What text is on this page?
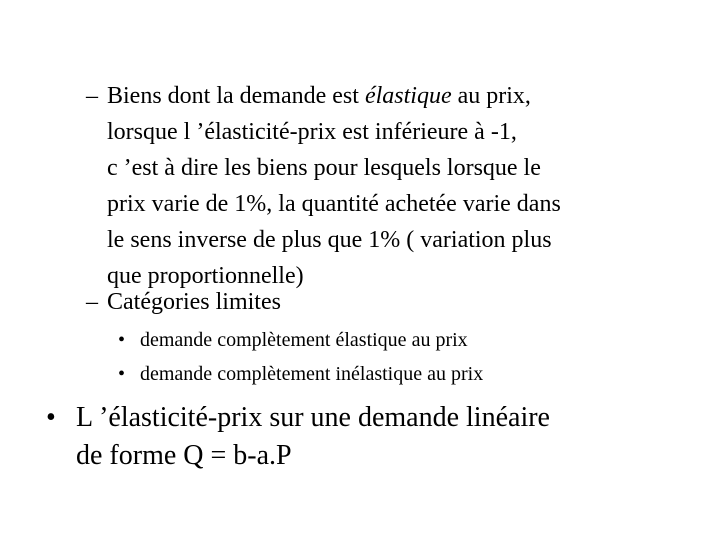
– Biens dont la demande est élastique au prix,
lorsque l ’élasticité-prix est inférieure à -1,
c ’est à dire les biens pour lesquels lorsque le
prix varie de 1%, la quantité achetée varie dans
le sens inverse de plus que 1% ( variation plus
que proportionnelle)
– Catégories limites
• demande complètement élastique au prix
• demande complètement inélastique au prix
• L ’élasticité-prix sur une demande linéaire
de forme Q = b-a.P
